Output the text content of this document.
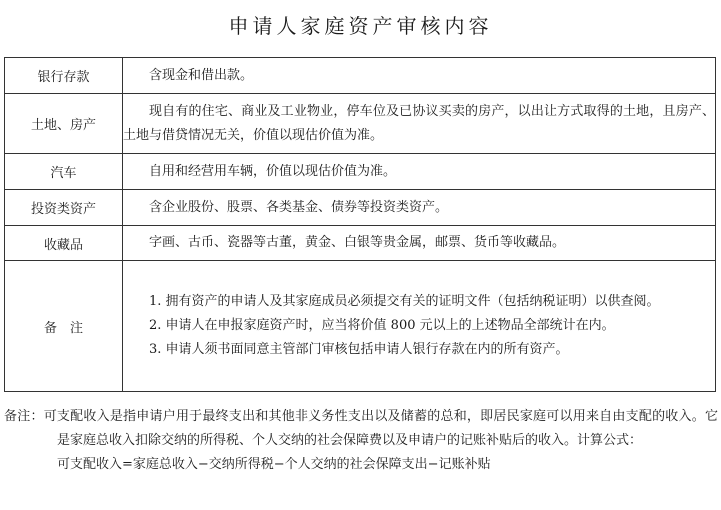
申请人家庭资产审核内容
银行存款	含现金和借出款。

土地、房产	现自有的住宅、商业及工业物业，停车位及已协议买卖的房产，以出让方式取得的土地，且房产、土地与借贷情况无关，价值以现估价值为准。

汽车	自用和经营用车辆，价值以现估价值为准。

投资类资产	含企业股份、股票、各类基金、债券等投资类资产。

收藏品	字画、古币、瓷器等古董，黄金、白银等贵金属，邮票、货币等收藏品。

备　注	1. 拥有资产的申请人及其家庭成员必须提交有关的证明文件（包括纳税证明）以供查阅。
2. 申请人在申报家庭资产时，应当将价值 800 元以上的上述物品全部统计在内。
3. 申请人须书面同意主管部门审核包括申请人银行存款在内的所有资产。
备注：可支配收入是指申请户用于最终支出和其他非义务性支出以及储蓄的总和，即居民家庭可以用来自由支配的收入。它是家庭总收入扣除交纳的所得税、个人交纳的社会保障费以及申请户的记账补贴后的收入。计算公式：
可支配收入=家庭总收入−交纳所得税−个人交纳的社会保障支出−记账补贴
